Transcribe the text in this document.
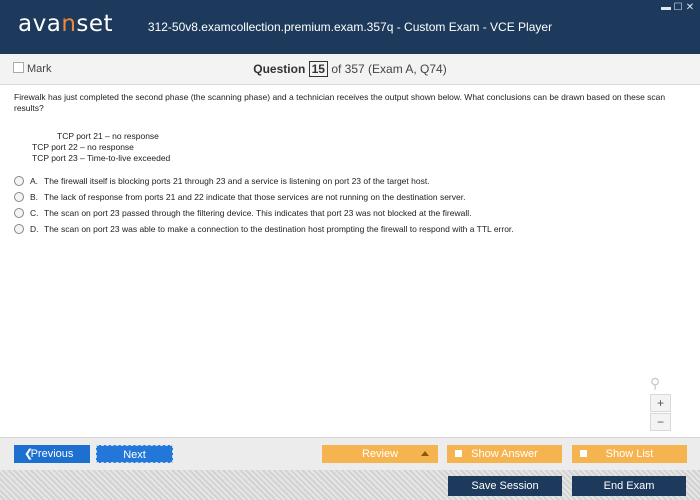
avanset	312-50v8.examcollection.premium.exam.357q - Custom Exam - VCE Player
▬ ☐ ✕
Mark	Question 15 of 357 (Exam A, Q74)
Firewalk has just completed the second phase (the scanning phase) and a technician receives the output shown below. What conclusions can be drawn based on these scan results?
TCP port 21 – no response
TCP port 22 – no response
TCP port 23 – Time-to-live exceeded
A. The firewall itself is blocking ports 21 through 23 and a service is listening on port 23 of the target host.
B. The lack of response from ports 21 and 22 indicate that those services are not running on the destination server.
C. The scan on port 23 passed through the filtering device. This indicates that port 23 was not blocked at the firewall.
D. The scan on port 23 was able to make a connection to the destination host prompting the firewall to respond with a TTL error.
⚲
+
−
❮
Previous	Next	Review	Show Answer	Show List
Save Session	End Exam
